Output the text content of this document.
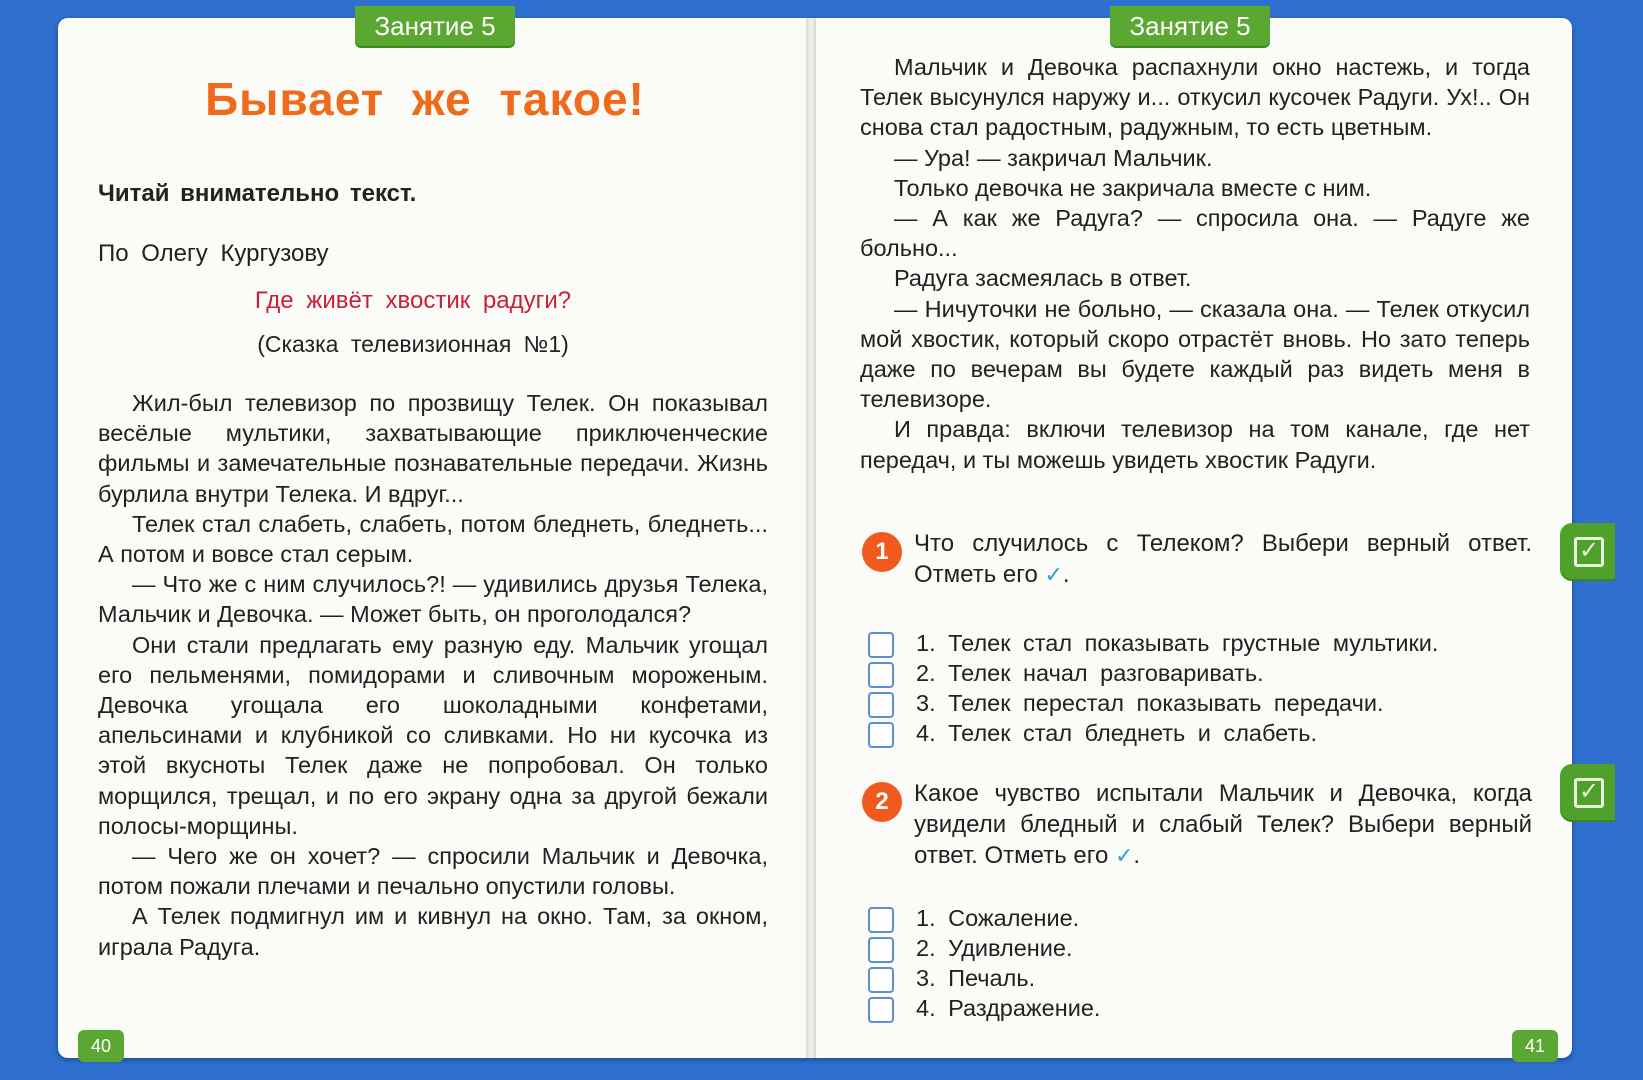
Занятие 5	Занятие 5
Бывает же такое!
Читай внимательно текст.
По Олегу Кургузову
Где живёт хвостик радуги?
(Сказка телевизионная №1)

Жил-был телевизор по прозвищу Телек. Он показывал весёлые мультики, захватывающие приключенческие фильмы и замечательные познавательные передачи. Жизнь бурлила внутри Телека. И вдруг...

Телек стал слабеть, слабеть, потом бледнеть, бледнеть... А потом и вовсе стал серым.

— Что же с ним случилось?! — удивились друзья Телека, Мальчик и Девочка. — Может быть, он проголодался?

Они стали предлагать ему разную еду. Мальчик угощал его пельменями, помидорами и сливочным мороженым. Девочка угощала его шоколадными конфетами, апельсинами и клубникой со сливками. Но ни кусочка из этой вкусноты Телек даже не попробовал. Он только морщился, трещал, и по его экрану одна за другой бежали полосы-морщины.

— Чего же он хочет? — спросили Мальчик и Девочка, потом пожали плечами и печально опустили головы.

А Телек подмигнул им и кивнул на окно. Там, за окном, играла Радуга.

Мальчик и Девочка распахнули окно настежь, и тогда Телек высунулся наружу и... откусил кусочек Радуги. Ух!.. Он снова стал радостным, радужным, то есть цветным.

— Ура! — закричал Мальчик.

Только девочка не закричала вместе с ним.

— А как же Радуга? — спросила она. — Радуге же больно...

Радуга засмеялась в ответ.

— Ничуточки не больно, — сказала она. — Телек откусил мой хвостик, который скоро отрастёт вновь. Но зато теперь даже по вечерам вы будете каждый раз видеть меня в телевизоре.

И правда: включи телевизор на том канале, где нет передач, и ты можешь увидеть хвостик Радуги.

1	Что случилось с Телеком? Выбери верный ответ. Отметь его ✓.
1. Телек стал показывать грустные мультики.
2. Телек начал разговаривать.
3. Телек перестал показывать передачи.
4. Телек стал бледнеть и слабеть.
2	Какое чувство испытали Мальчик и Девочка, когда увидели бледный и слабый Телек? Выбери верный ответ. Отметь его ✓.
1. Сожаление.
2. Удивление.
3. Печаль.
4. Раздражение.
✓
✓
40	41
